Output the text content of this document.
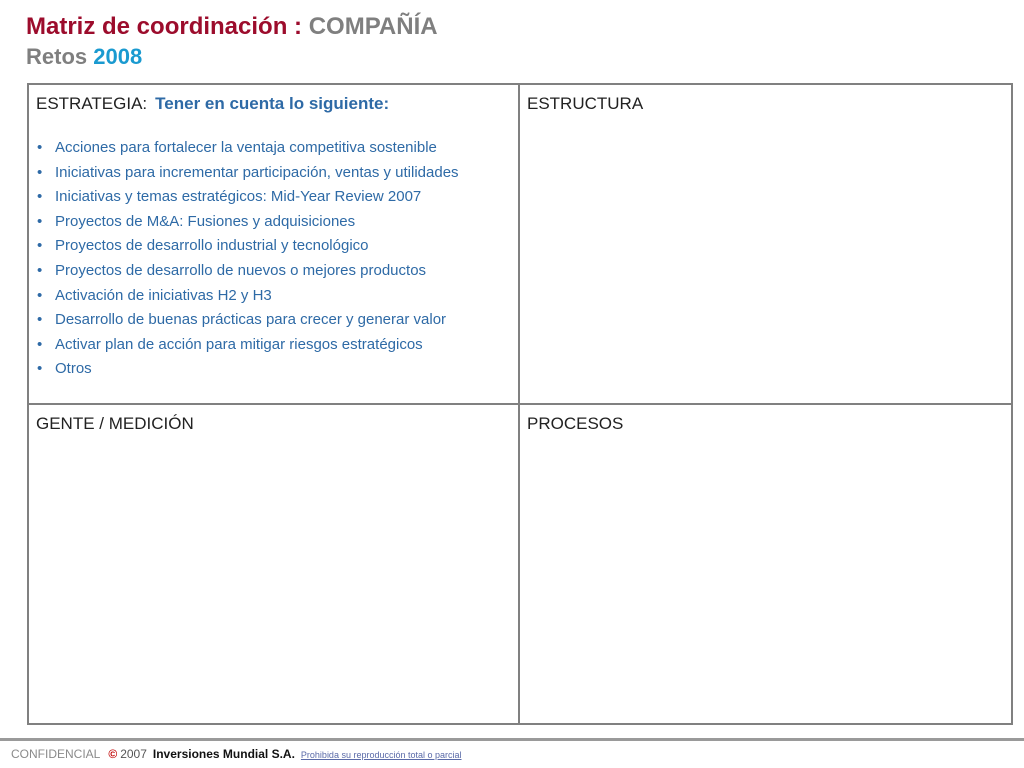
Matriz de coordinación : COMPAÑÍA
Retos 2008
ESTRATEGIA: Tener en cuenta lo siguiente:
• Acciones para fortalecer la ventaja competitiva sostenible
• Iniciativas para incrementar participación, ventas y utilidades
• Iniciativas y temas estratégicos: Mid-Year Review 2007
• Proyectos de M&A: Fusiones y adquisiciones
• Proyectos de desarrollo industrial y tecnológico
• Proyectos de desarrollo de nuevos o mejores productos
• Activación de iniciativas H2 y H3
• Desarrollo de buenas prácticas para crecer y generar valor
• Activar plan de acción para mitigar riesgos estratégicos
• Otros
ESTRUCTURA
GENTE / MEDICIÓN	PROCESOS
CONFIDENCIAL © 2007 Inversiones Mundial S.A. Prohibida su reproducción total o parcial
